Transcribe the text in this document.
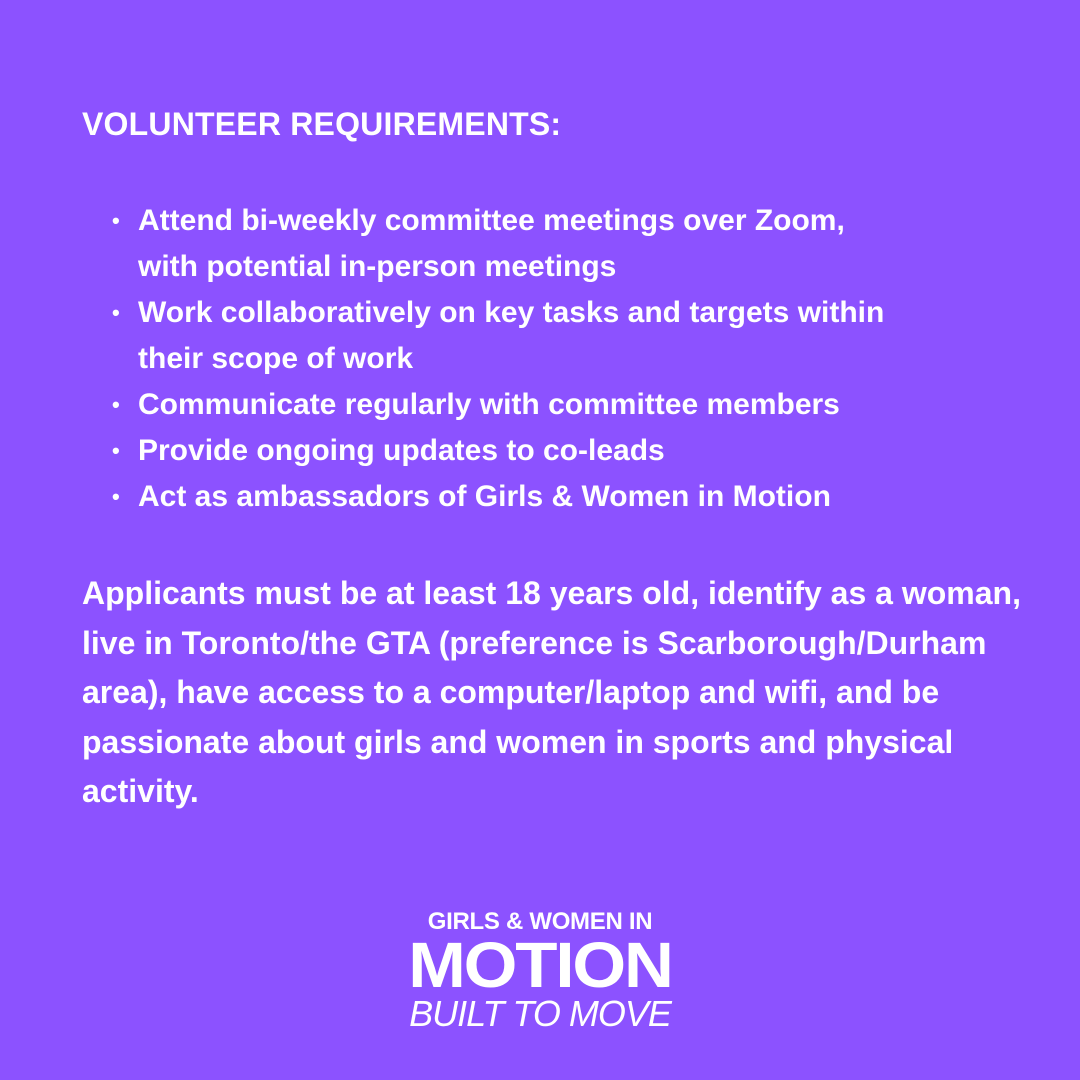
VOLUNTEER REQUIREMENTS:
• Attend bi-weekly committee meetings over Zoom,
with potential in-person meetings
• Work collaboratively on key tasks and targets within
their scope of work
• Communicate regularly with committee members
• Provide ongoing updates to co-leads
• Act as ambassadors of Girls & Women in Motion

Applicants must be at least 18 years old, identify as a woman, live in Toronto/the GTA (preference is Scarborough/Durham area), have access to a computer/laptop and wifi, and be passionate about girls and women in sports and physical activity.

GIRLS & WOMEN IN
MOTION
BUILT TO MOVE
